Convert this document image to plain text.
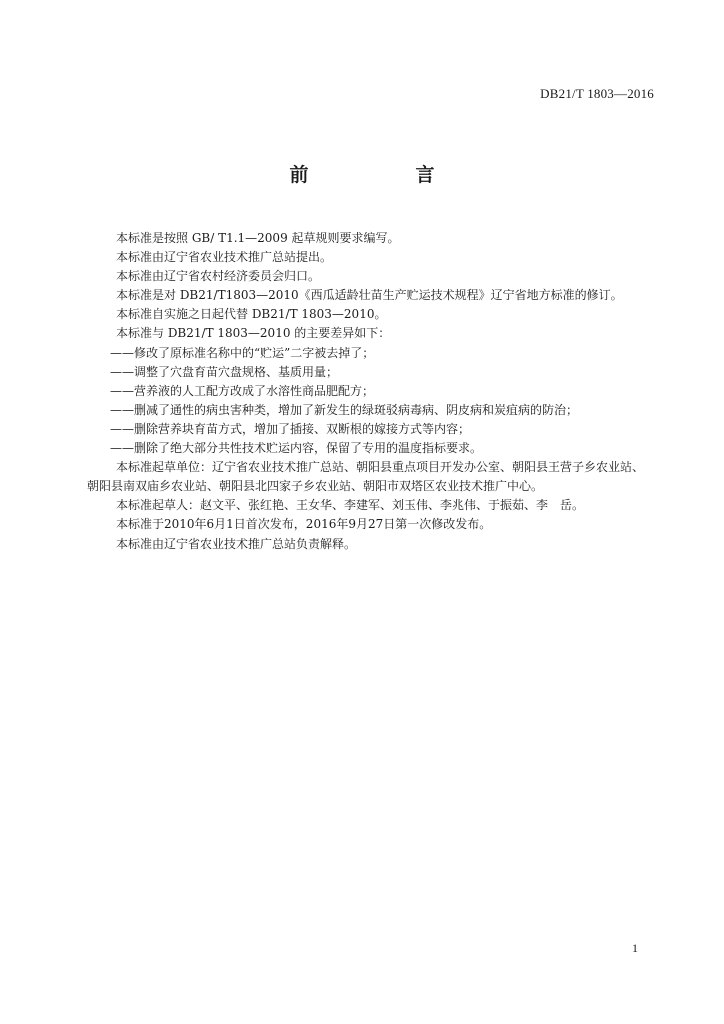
DB21/T 1803—2016
前　言

本标准是按照 GB/ T1.1—2009 起草规则要求编写。

本标准由辽宁省农业技术推广总站提出。

本标准由辽宁省农村经济委员会归口。

本标准是对 DB21/T1803—2010《西瓜适龄壮苗生产贮运技术规程》辽宁省地方标准的修订。

本标准自实施之日起代替 DB21/T 1803—2010。

本标准与 DB21/T 1803—2010 的主要差异如下：

——修改了原标准名称中的“贮运”二字被去掉了；

——调整了穴盘育苗穴盘规格、基质用量；

——营养液的人工配方改成了水溶性商品肥配方；

——删减了通性的病虫害种类，增加了新发生的绿斑驳病毒病、阴皮病和炭疽病的防治；

——删除营养块育苗方式，增加了插接、双断根的嫁接方式等内容；

——删除了绝大部分共性技术贮运内容，保留了专用的温度指标要求。

本标准起草单位：辽宁省农业技术推广总站、朝阳县重点项目开发办公室、朝阳县王营子乡农业站、朝阳县南双庙乡农业站、朝阳县北四家子乡农业站、朝阳市双塔区农业技术推广中心。

本标准起草人：赵文平、张红艳、王女华、李建军、刘玉伟、李兆伟、于振茹、李　岳。

本标准于2010年6月1日首次发布，2016年9月27日第一次修改发布。

本标准由辽宁省农业技术推广总站负责解释。

1
